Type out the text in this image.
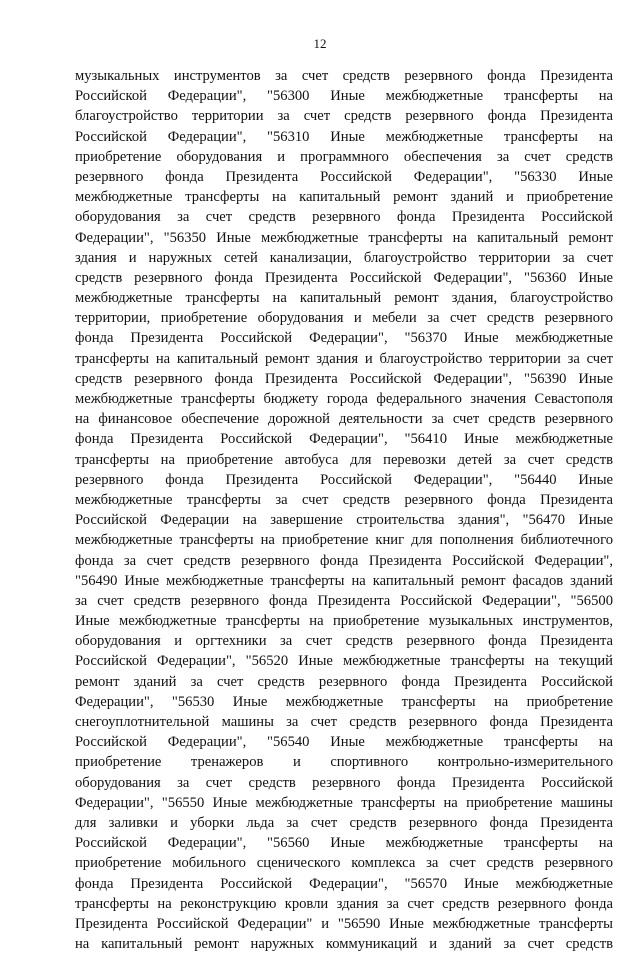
12
музыкальных инструментов за счет средств резервного фонда Президента
Российской Федерации", "56300 Иные межбюджетные трансферты на
благоустройство территории за счет средств резервного фонда Президента
Российской Федерации", "56310 Иные межбюджетные трансферты на
приобретение оборудования и программного обеспечения за счет средств
резервного фонда Президента Российской Федерации", "56330 Иные
межбюджетные трансферты на капитальный ремонт зданий и приобретение
оборудования за счет средств резервного фонда Президента Российской
Федерации", "56350 Иные межбюджетные трансферты на капитальный ремонт
здания и наружных сетей канализации, благоустройство территории за счет
средств резервного фонда Президента Российской Федерации", "56360 Иные
межбюджетные трансферты на капитальный ремонт здания, благоустройство
территории, приобретение оборудования и мебели за счет средств резервного
фонда Президента Российской Федерации", "56370 Иные межбюджетные
трансферты на капитальный ремонт здания и благоустройство территории за счет
средств резервного фонда Президента Российской Федерации", "56390 Иные
межбюджетные трансферты бюджету города федерального значения Севастополя
на финансовое обеспечение дорожной деятельности за счет средств резервного
фонда Президента Российской Федерации", "56410 Иные межбюджетные
трансферты на приобретение автобуса для перевозки детей за счет средств
резервного фонда Президента Российской Федерации", "56440 Иные
межбюджетные трансферты за счет средств резервного фонда Президента
Российской Федерации на завершение строительства здания", "56470 Иные
межбюджетные трансферты на приобретение книг для пополнения библиотечного
фонда за счет средств резервного фонда Президента Российской Федерации",
"56490 Иные межбюджетные трансферты на капитальный ремонт фасадов зданий
за счет средств резервного фонда Президента Российской Федерации", "56500
Иные межбюджетные трансферты на приобретение музыкальных инструментов,
оборудования и оргтехники за счет средств резервного фонда Президента
Российской Федерации", "56520 Иные межбюджетные трансферты на текущий
ремонт зданий за счет средств резервного фонда Президента Российской
Федерации", "56530 Иные межбюджетные трансферты на приобретение
снегоуплотнительной машины за счет средств резервного фонда Президента
Российской Федерации", "56540 Иные межбюджетные трансферты на
приобретение тренажеров и спортивного контрольно-измерительного
оборудования за счет средств резервного фонда Президента Российской
Федерации", "56550 Иные межбюджетные трансферты на приобретение машины
для заливки и уборки льда за счет средств резервного фонда Президента
Российской Федерации", "56560 Иные межбюджетные трансферты на
приобретение мобильного сценического комплекса за счет средств резервного
фонда Президента Российской Федерации", "56570 Иные межбюджетные
трансферты на реконструкцию кровли здания за счет средств резервного фонда
Президента Российской Федерации" и "56590 Иные межбюджетные трансферты
на капитальный ремонт наружных коммуникаций и зданий за счет средств
